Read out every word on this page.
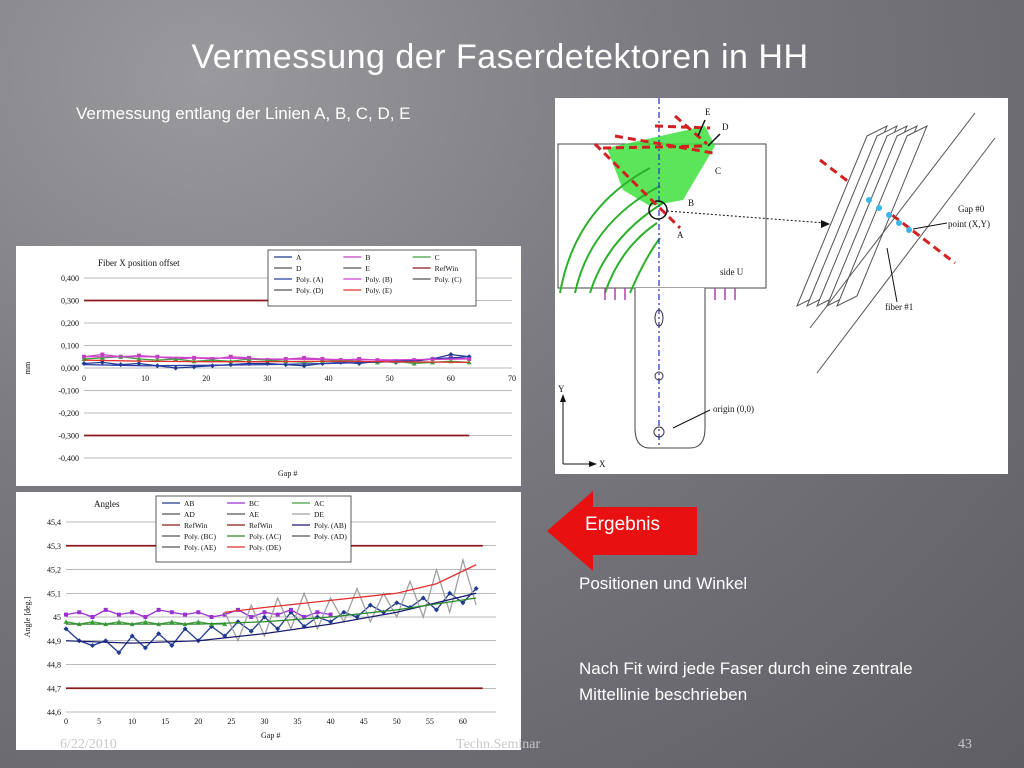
Vermessung der Faserdetektoren in HH
Vermessung entlang der Linien A, B, C, D, E
Fiber X position offset
0,400
0,300
0,200
0,100
0,000
-0,100
-0,200
-0,300
-0,400
0	10	20	30	40	50	60	70
Gap #
mm
A	B	C
D	E	RefWin
Poly. (A)	Poly. (B)	Poly. (C)
Poly. (D)	Poly. (E)
Angles
45,4
45,3
45,2
45,1
45
44,9
44,8
44,7
44,6
0	5	10	15	20	25	30	35	40	45	50	55	60
Gap #
Angle [deg.]
AB	BC	AC
AD	AE	DE
RefWin	RefWin	Poly. (AB)
Poly. (BC)	Poly. (AC)	Poly. (AD)
Poly. (AE)	Poly. (DE)
E
D
C
B
A
side U
origin (0,0)
Y
X
Gap #0
point (X,Y)
fiber #1
Ergebnis
Positionen und Winkel
Nach Fit wird jede Faser durch eine zentrale Mittellinie beschrieben
6/22/2010	Techn.Seminar	43
